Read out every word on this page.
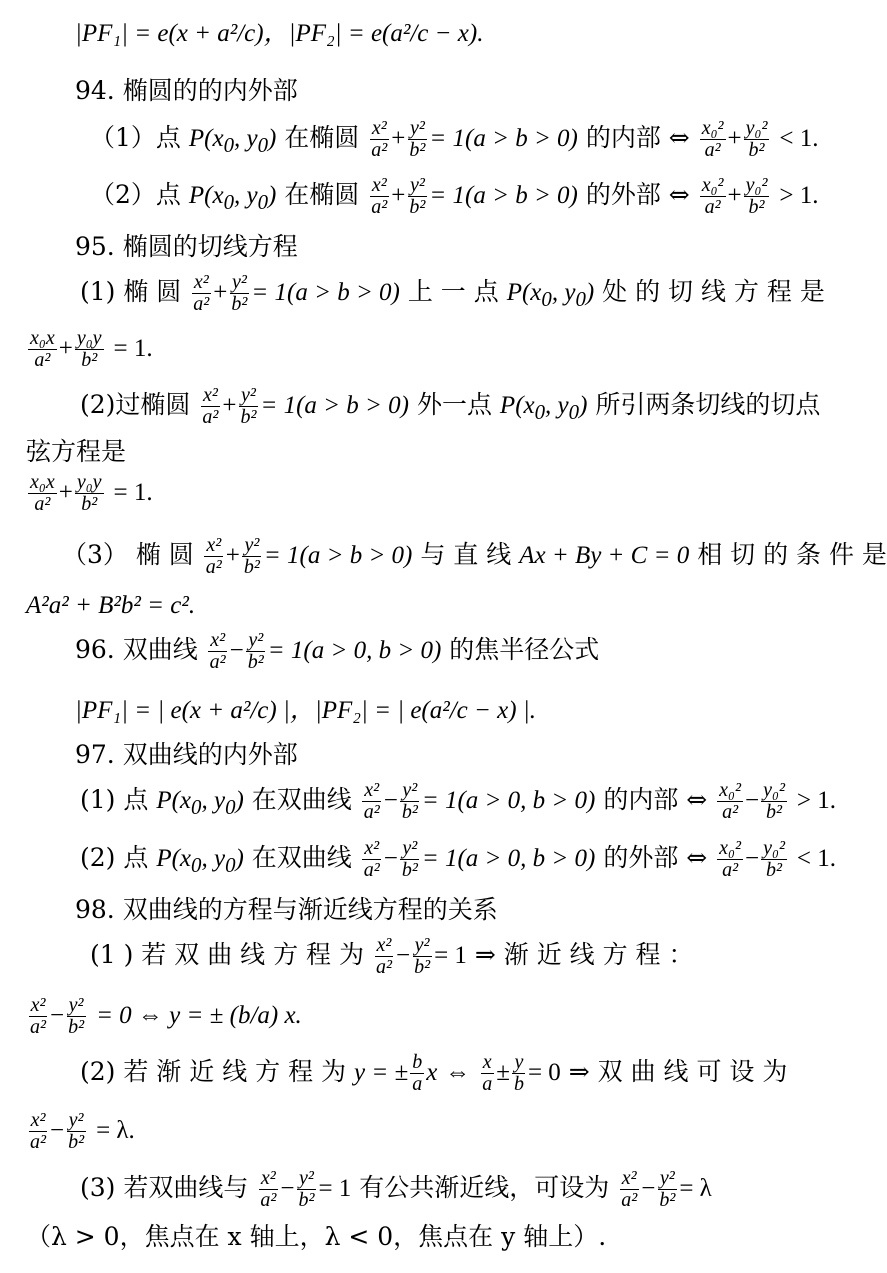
|PF₁| = e(x + a²/c)，|PF₂| = e(a²/c − x).
94. 椭圆的的内外部
（1）点 $P(x_0$, $y_0$) 在椭圆 $\frac{\text{x²}}{\text{a²}} + \frac{\text{y²}}{\text{b²}} = 1(a > b > 0)$ 的内部 ⇔ $\frac{\text{x₀²}}{\text{a²}} + \frac{\text{y₀²}}{\text{b²}} < 1$.
（2）点 $P(x_0$, $y_0$) 在椭圆 $\frac{\text{x²}}{\text{a²}} + \frac{\text{y²}}{\text{b²}} = 1(a > b > 0)$ 的外部 ⇔ $\frac{\text{x₀²}}{\text{a²}} + \frac{\text{y₀²}}{\text{b²}} > 1$.
95. 椭圆的切线方程
(1) 椭 圆 $\frac{\text{x²}}{\text{a²}} + \frac{\text{y²}}{\text{b²}} = 1(a > b > 0)$ 上 一 点 $P(x_0$, $y_0$) 处 的 切 线 方 程 是
$\frac{\text{x₀x}}{\text{a²}} + \frac{\text{y₀y}}{\text{b²}} = 1$.
(2)过椭圆 $\frac{\text{x²}}{\text{a²}} + \frac{\text{y²}}{\text{b²}} = 1(a > b > 0)$ 外一点 $P(x_0$, $y_0$) 所引两条切线的切点
弦方程是
$\frac{\text{x₀x}}{\text{a²}} + \frac{\text{y₀y}}{\text{b²}} = 1$.
（3） 椭 圆 $\frac{\text{x²}}{\text{a²}} + \frac{\text{y²}}{\text{b²}} = 1(a > b > 0)$ 与 直 线 Ax + By + C = 0 相 切 的 条 件 是
A²a² + B²b² = c².
96. 双曲线 $\frac{\text{x²}}{\text{a²}} - \frac{\text{y²}}{\text{b²}} = 1(a > 0$, b > 0) 的焦半径公式
|PF₁| = | e(x + a²/c) |，|PF₂| = | e(a²/c − x) |.
97. 双曲线的内外部
(1) 点 $P(x_0$, $y_0$) 在双曲线 $\frac{\text{x²}}{\text{a²}} - \frac{\text{y²}}{\text{b²}} = 1(a > 0$, b > 0) 的内部 ⇔ $\frac{\text{x₀²}}{\text{a²}} - \frac{\text{y₀²}}{\text{b²}} > 1$.
(2) 点 $P(x_0$, $y_0$) 在双曲线 $\frac{\text{x²}}{\text{a²}} - \frac{\text{y²}}{\text{b²}} = 1(a > 0$, b > 0) 的外部 ⇔ $\frac{\text{x₀²}}{\text{a²}} - \frac{\text{y₀²}}{\text{b²}} < 1$.
98. 双曲线的方程与渐近线方程的关系
(1 ) 若 双 曲 线 方 程 为 $\frac{\text{x²}}{\text{a²}} - \frac{\text{y²}}{\text{b²}} = 1$ ⇒ 渐 近 线 方 程 ：
$\frac{\text{x²}}{\text{a²}} - \frac{\text{y²}}{\text{b²}} = 0$ ⇔ y = ± (b/a) x.
(2) 若 渐 近 线 方 程 为 y = ± $\frac{b}{a}$ x ⇔ $\frac{x}{a} \pm \frac{y}{b} = 0$ ⇒ 双 曲 线 可 设 为
$\frac{\text{x²}}{\text{a²}} - \frac{\text{y²}}{\text{b²}} = \lambda$.
(3) 若双曲线与 $\frac{\text{x²}}{\text{a²}} - \frac{\text{y²}}{\text{b²}} = 1$ 有公共渐近线，可设为 $\frac{\text{x²}}{\text{a²}} - \frac{\text{y²}}{\text{b²}} = \lambda$
（λ > 0，焦点在 x 轴上，λ < 0，焦点在 y 轴上）.
